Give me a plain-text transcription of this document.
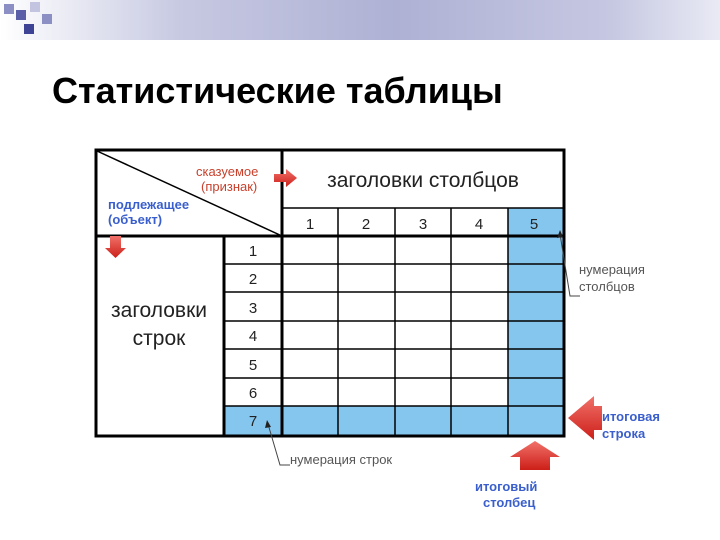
Статистические таблицы
1	2	3	4	5
1
2
3
4
5
6
7
заголовки столбцов
заголовки
строк
сказуемое
(признак)
подлежащее
(объект)
нумерация
столбцов
итоговая
строка
нумерация строк
итоговый
столбец
